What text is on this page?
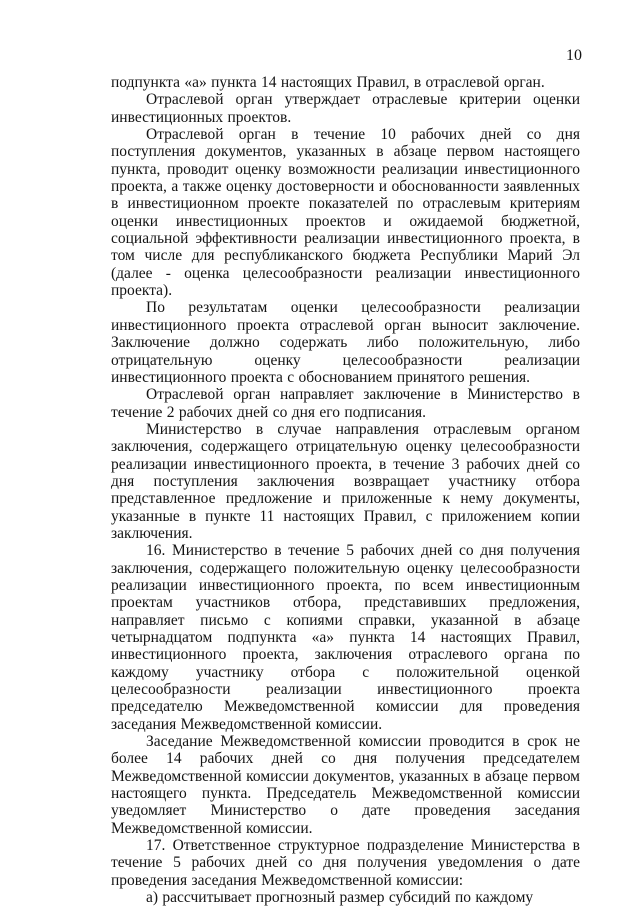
10

подпункта «а» пункта 14 настоящих Правил, в отраслевой орган.

Отраслевой орган утверждает отраслевые критерии оценки инвестиционных проектов.

Отраслевой орган в течение 10 рабочих дней со дня поступления документов, указанных в абзаце первом настоящего пункта, проводит оценку возможности реализации инвестиционного проекта, а также оценку достоверности и обоснованности заявленных в инвестиционном проекте показателей по отраслевым критериям оценки инвестиционных проектов и ожидаемой бюджетной, социальной эффективности реализации инвестиционного проекта, в том числе для республиканского бюджета Республики Марий Эл (далее - оценка целесообразности реализации инвестиционного проекта).

По результатам оценки целесообразности реализации инвестиционного проекта отраслевой орган выносит заключение. Заключение должно содержать либо положительную, либо отрицательную оценку целесообразности реализации инвестиционного проекта с обоснованием принятого решения.

Отраслевой орган направляет заключение в Министерство в течение 2 рабочих дней со дня его подписания.

Министерство в случае направления отраслевым органом заключения, содержащего отрицательную оценку целесообразности реализации инвестиционного проекта, в течение 3 рабочих дней со дня поступления заключения возвращает участнику отбора представленное предложение и приложенные к нему документы, указанные в пункте 11 настоящих Правил, с приложением копии заключения.

16. Министерство в течение 5 рабочих дней со дня получения заключения, содержащего положительную оценку целесообразности реализации инвестиционного проекта, по всем инвестиционным проектам участников отбора, представивших предложения, направляет письмо с копиями справки, указанной в абзаце четырнадцатом подпункта «а» пункта 14 настоящих Правил, инвестиционного проекта, заключения отраслевого органа по каждому участнику отбора с положительной оценкой целесообразности реализации инвестиционного проекта председателю Межведомственной комиссии для проведения заседания Межведомственной комиссии.

Заседание Межведомственной комиссии проводится в срок не более 14 рабочих дней со дня получения председателем Межведомственной комиссии документов, указанных в абзаце первом настоящего пункта. Председатель Межведомственной комиссии уведомляет Министерство о дате проведения заседания Межведомственной комиссии.

17. Ответственное структурное подразделение Министерства в течение 5 рабочих дней со дня получения уведомления о дате проведения заседания Межведомственной комиссии:

а) рассчитывает прогнозный размер субсидий по каждому
